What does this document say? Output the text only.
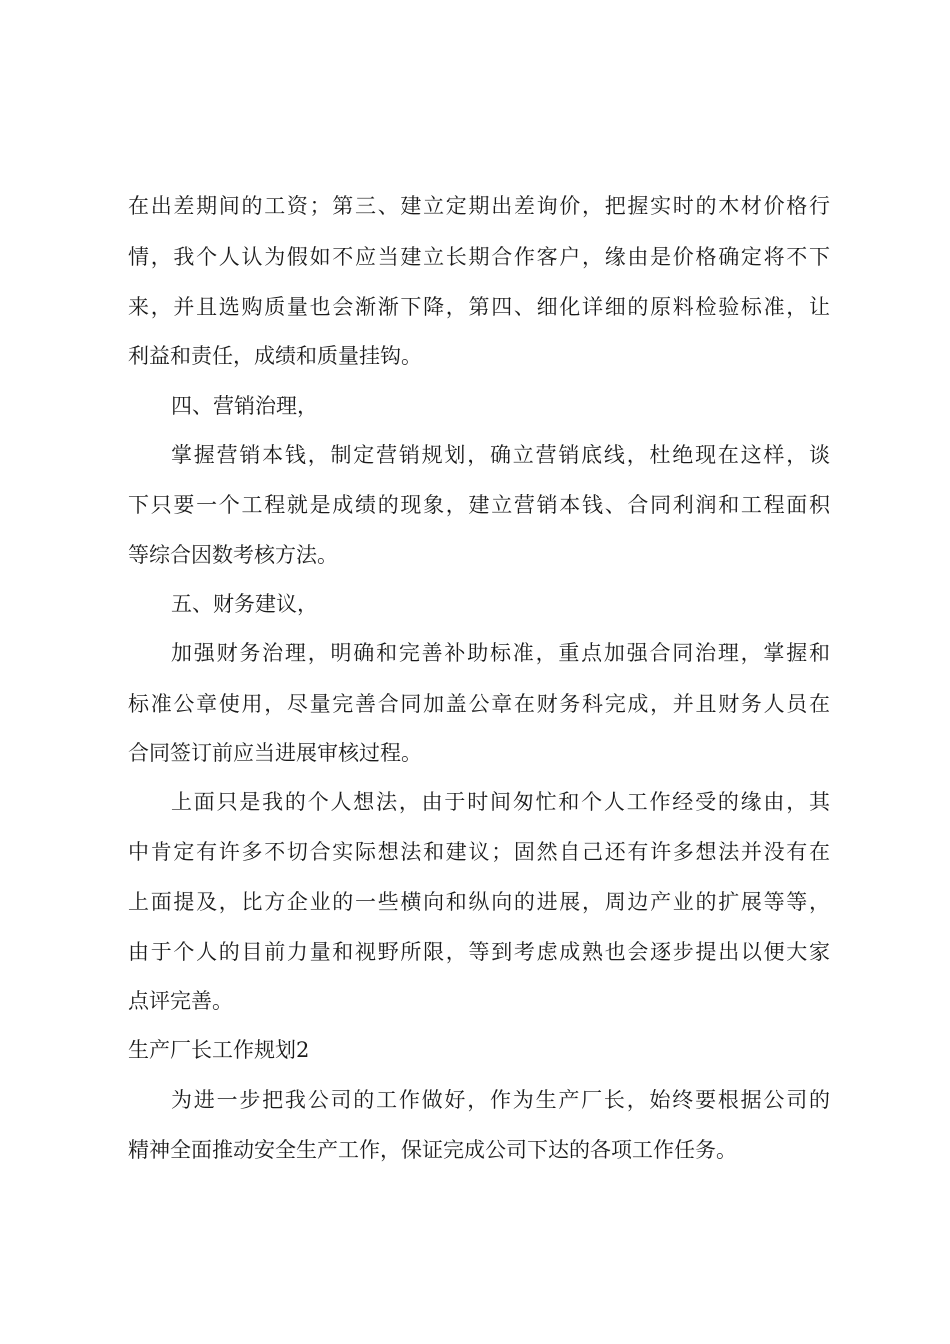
在出差期间的工资；第三、建立定期出差询价，把握实时的木材价格行
情，我个人认为假如不应当建立长期合作客户，缘由是价格确定将不下
来，并且选购质量也会渐渐下降，第四、细化详细的原料检验标准，让
利益和责任，成绩和质量挂钩。
四、营销治理，
掌握营销本钱，制定营销规划，确立营销底线，杜绝现在这样，谈
下只要一个工程就是成绩的现象，建立营销本钱、合同利润和工程面积
等综合因数考核方法。
五、财务建议，
加强财务治理，明确和完善补助标准，重点加强合同治理，掌握和
标准公章使用，尽量完善合同加盖公章在财务科完成，并且财务人员在
合同签订前应当进展审核过程。
上面只是我的个人想法，由于时间匆忙和个人工作经受的缘由，其
中肯定有许多不切合实际想法和建议；固然自己还有许多想法并没有在
上面提及，比方企业的一些横向和纵向的进展，周边产业的扩展等等，
由于个人的目前力量和视野所限，等到考虑成熟也会逐步提出以便大家
点评完善。
生产厂长工作规划2
为进一步把我公司的工作做好，作为生产厂长，始终要根据公司的
精神全面推动安全生产工作，保证完成公司下达的各项工作任务。
